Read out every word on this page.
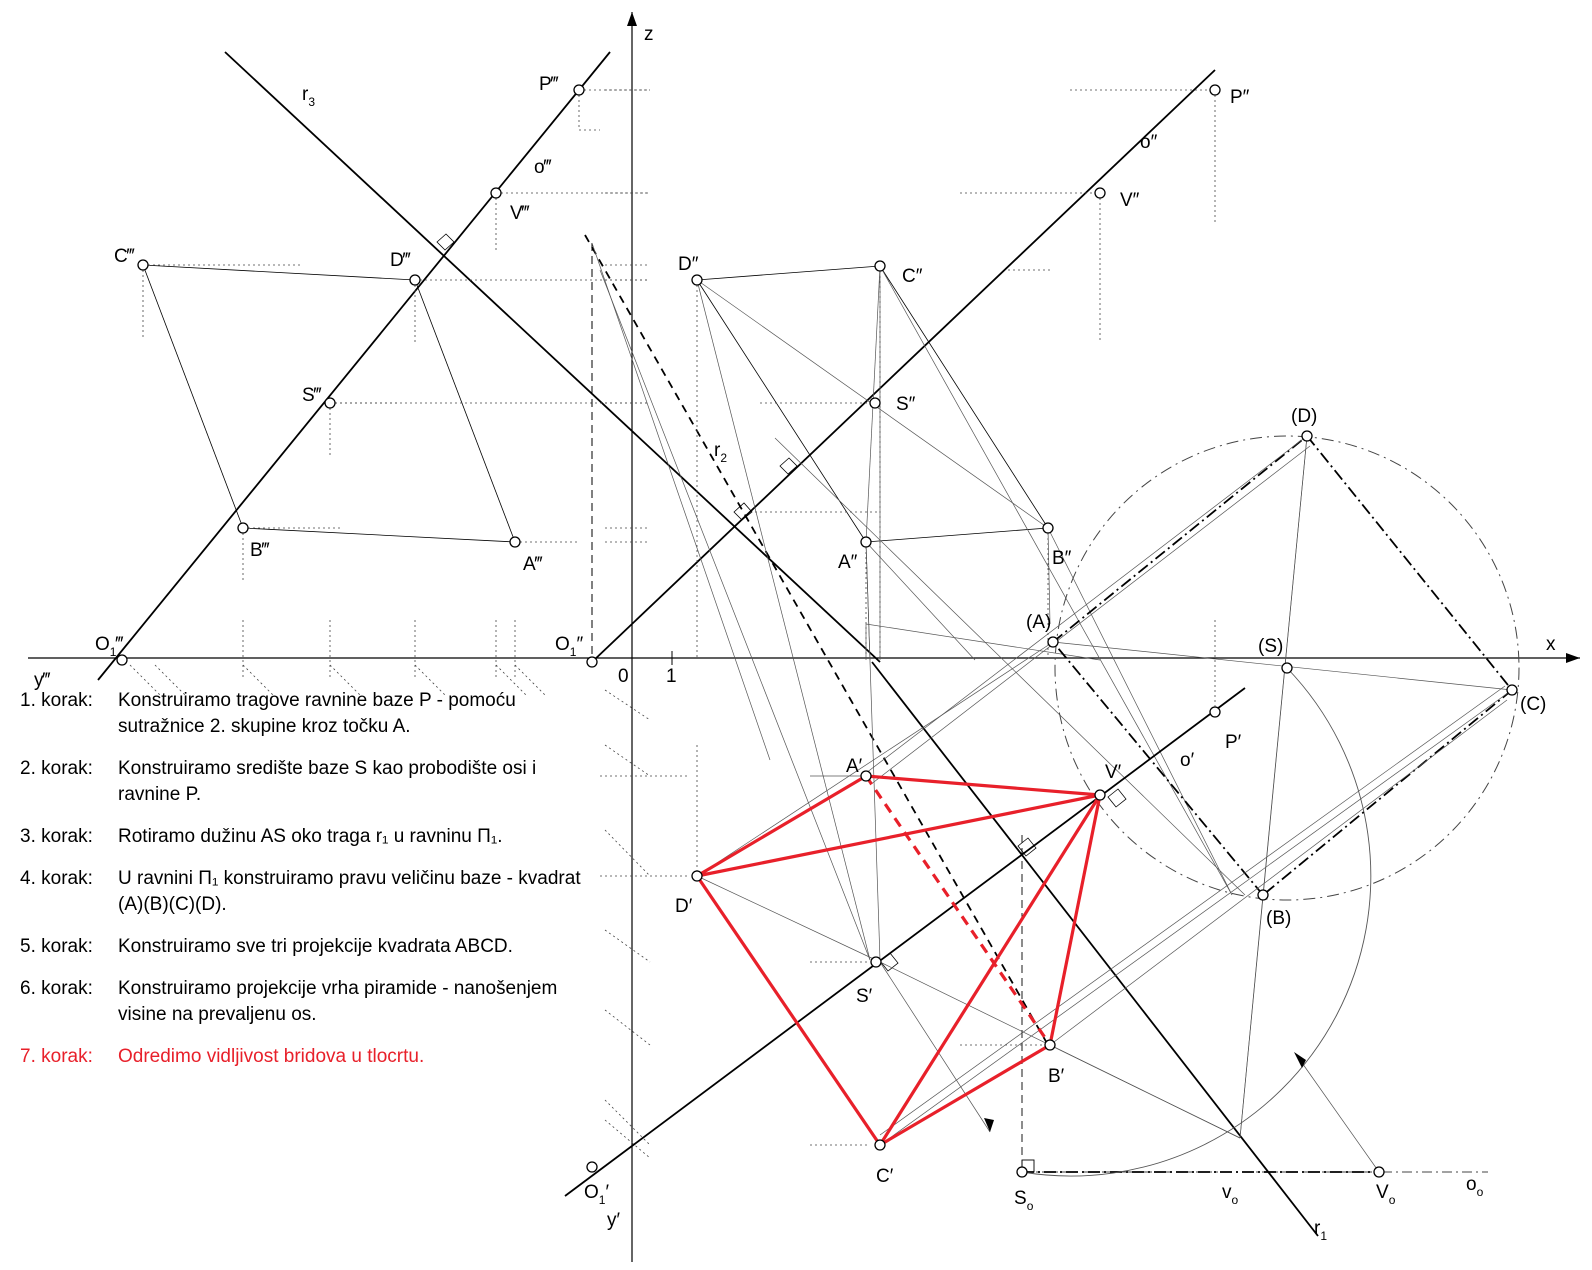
x
z
y‴
y′
0 1
P‴
o‴
V‴
C‴	D‴
S‴
B‴
A‴
$O_1‴$
$r_3$	P″
o″
V″
D″
C″
S″
A″	B″
$O_1''$
$r_2$
(D)
(A)
(S)
(C)
(B)
P′
o′
A′	V′
D′
S′
B′
C′
$O_1'$
$r_1$
$S_o$
$v_o$	$V_o$
$o_o$
1. korak:	Konstruiramo tragove ravnine baze P - pomoću sutražnice 2. skupine kroz točku A.
2. korak:	Konstruiramo središte baze S kao probodište osi i ravnine P.
3. korak:	Rotiramo dužinu AS oko traga r₁ u ravninu Π₁.
4. korak:	U ravnini Π₁ konstruiramo pravu veličinu baze - kvadrat (A)(B)(C)(D).
5. korak:	Konstruiramo sve tri projekcije kvadrata ABCD.
6. korak:	Konstruiramo projekcije vrha piramide - nanošenjem visine na prevaljenu os.
7. korak:	Odredimo vidljivost bridova u tlocrtu.
